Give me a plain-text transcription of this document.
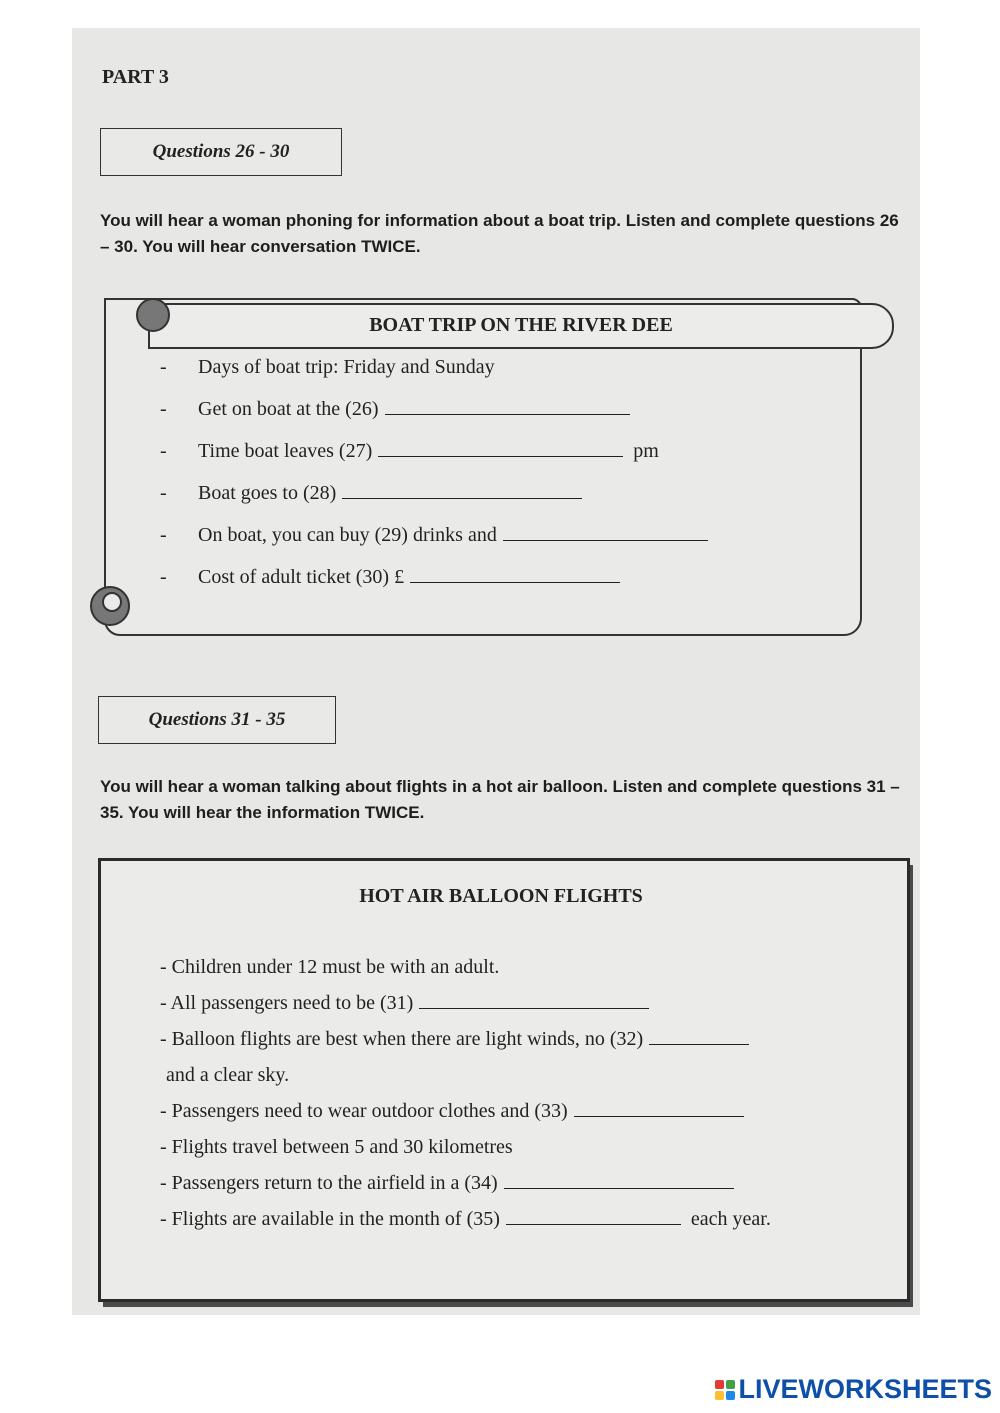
PART 3
Questions 26 - 30
You will hear a woman phoning for information about a boat trip. Listen and complete questions 26 – 30. You will hear conversation TWICE.
BOAT TRIP ON THE RIVER DEE
-	Days of boat trip: Friday and Sunday
-	Get on boat at the (26)
-	Time boat leaves (27)	pm
-	Boat goes to (28)
-	On boat, you can buy (29) drinks and
-	Cost of adult ticket (30) £
Questions 31 - 35
You will hear a woman talking about flights in a hot air balloon. Listen and complete questions 31 – 35. You will hear the information TWICE.
HOT AIR BALLOON FLIGHTS
- Children under 12 must be with an adult.
- All passengers need to be (31)
- Balloon flights are best when there are light winds, no (32)
and a clear sky.
- Passengers need to wear outdoor clothes and (33)
- Flights travel between 5 and 30 kilometres
- Passengers return to the airfield in a (34)
- Flights are available in the month of (35)	each year.
LIVEWORKSHEETS
